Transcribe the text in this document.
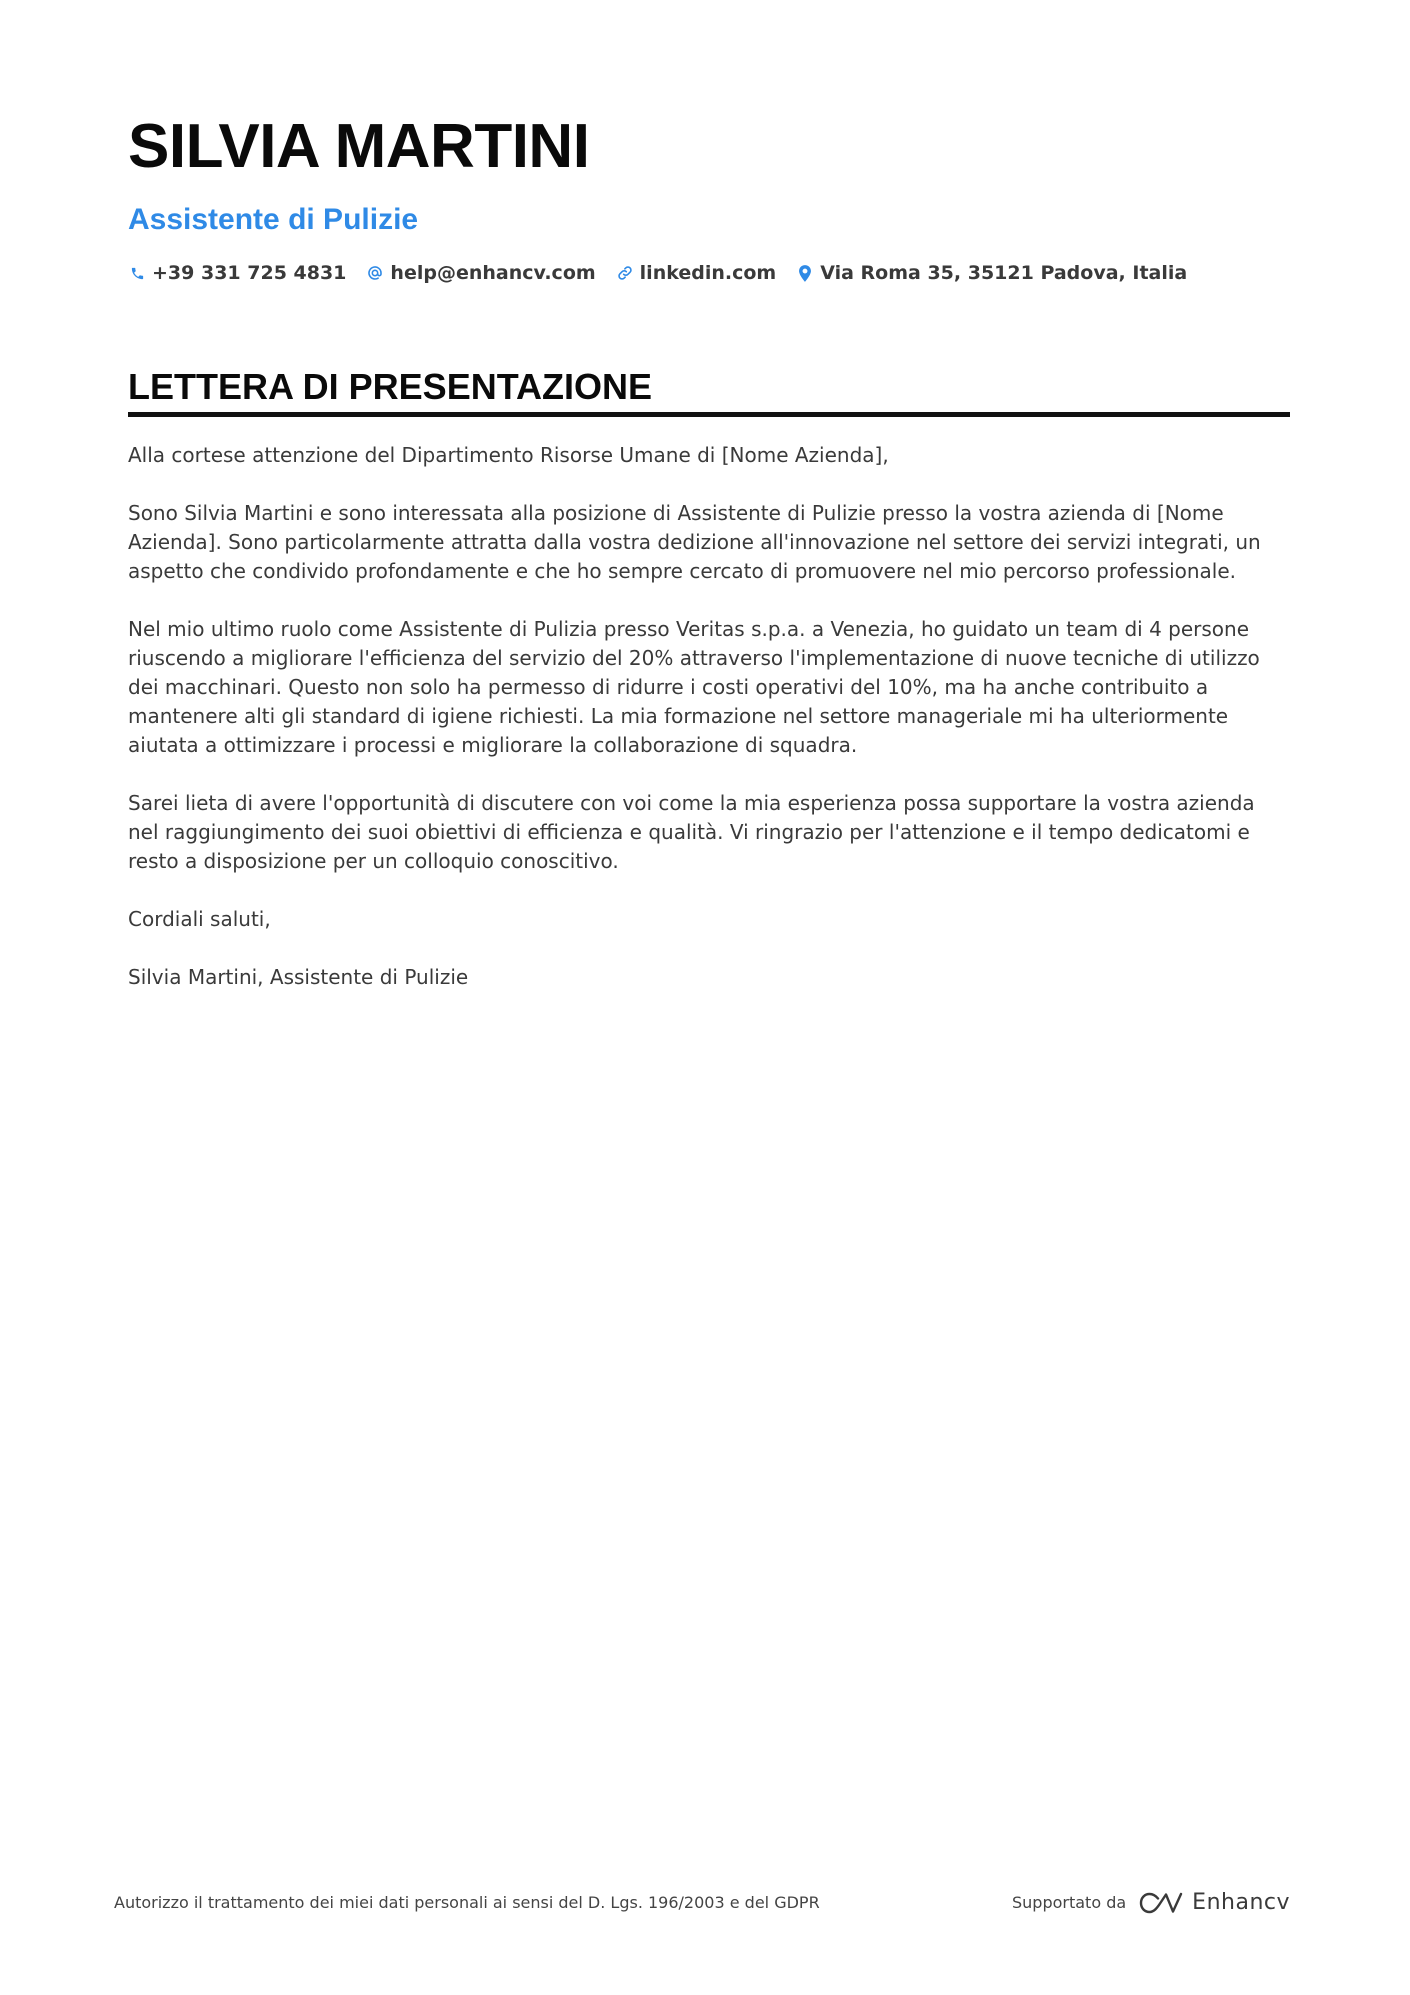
SILVIA MARTINI
Assistente di Pulizie
+39 331 725 4831 help@enhancv.com linkedin.com Via Roma 35, 35121 Padova, Italia
LETTERA DI PRESENTAZIONE

Alla cortese attenzione del Dipartimento Risorse Umane di [Nome Azienda],

Sono Silvia Martini e sono interessata alla posizione di Assistente di Pulizie presso la vostra azienda di [Nome Azienda]. Sono particolarmente attratta dalla vostra dedizione all'innovazione nel settore dei servizi integrati, un aspetto che condivido profondamente e che ho sempre cercato di promuovere nel mio percorso professionale.

Nel mio ultimo ruolo come Assistente di Pulizia presso Veritas s.p.a. a Venezia, ho guidato un team di 4 persone riuscendo a migliorare l'efficienza del servizio del 20% attraverso l'implementazione di nuove tecniche di utilizzo dei macchinari. Questo non solo ha permesso di ridurre i costi operativi del 10%, ma ha anche contribuito a mantenere alti gli standard di igiene richiesti. La mia formazione nel settore manageriale mi ha ulteriormente aiutata a ottimizzare i processi e migliorare la collaborazione di squadra.

Sarei lieta di avere l'opportunità di discutere con voi come la mia esperienza possa supportare la vostra azienda nel raggiungimento dei suoi obiettivi di efficienza e qualità. Vi ringrazio per l'attenzione e il tempo dedicatomi e resto a disposizione per un colloquio conoscitivo.

Cordiali saluti,

Silvia Martini, Assistente di Pulizie

Autorizzo il trattamento dei miei dati personali ai sensi del D. Lgs. 196/2003 e del GDPR	Supportato da	Enhancv
